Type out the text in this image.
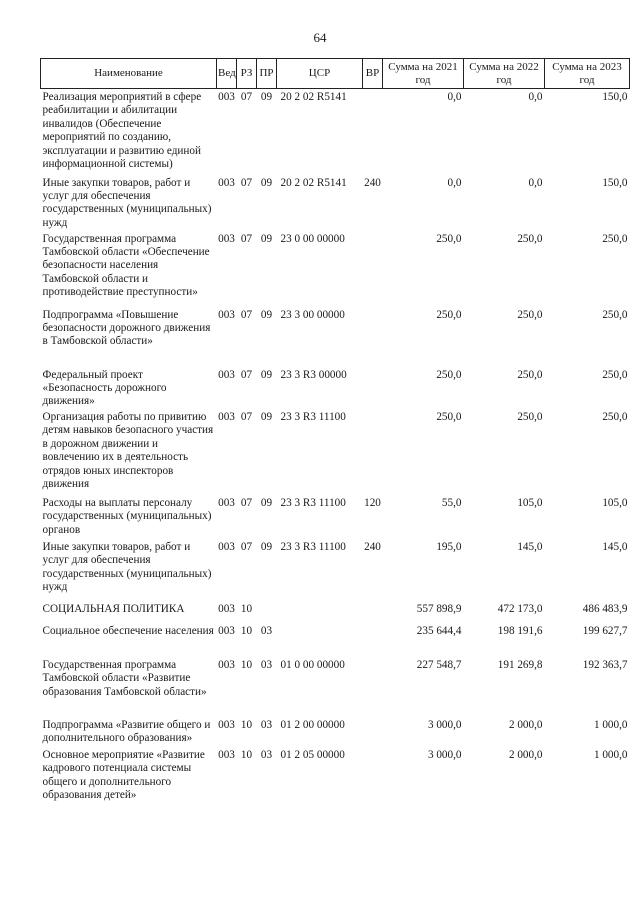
64
Наименование	Вед	РЗ	ПР	ЦСР	ВР	Сумма на 2021 год	Сумма на 2022 год	Сумма на 2023 год
Реализация мероприятий в сфере реабилитации и абилитации инвалидов (Обеспечение мероприятий по созданию, эксплуатации и развитию единой информационной системы)	003	07	09	20 2 02 R5141		0,0	0,0	150,0
Иные закупки товаров, работ и услуг для обеспечения государственных (муниципальных) нужд	003	07	09	20 2 02 R5141	240	0,0	0,0	150,0
Государственная программа Тамбовской области «Обеспечение безопасности населения Тамбовской области и противодействие преступности»	003	07	09	23 0 00 00000		250,0	250,0	250,0
Подпрограмма «Повышение безопасности дорожного движения в Тамбовской области»	003	07	09	23 3 00 00000		250,0	250,0	250,0
Федеральный проект «Безопасность дорожного движения»	003	07	09	23 3 R3 00000		250,0	250,0	250,0
Организация работы по привитию детям навыков безопасного участия в дорожном движении и вовлечению их в деятельность отрядов юных инспекторов движения	003	07	09	23 3 R3 11100		250,0	250,0	250,0
Расходы на выплаты персоналу государственных (муниципальных) органов	003	07	09	23 3 R3 11100	120	55,0	105,0	105,0
Иные закупки товаров, работ и услуг для обеспечения государственных (муниципальных) нужд	003	07	09	23 3 R3 11100	240	195,0	145,0	145,0
СОЦИАЛЬНАЯ ПОЛИТИКА	003	10				557 898,9	472 173,0	486 483,9
Социальное обеспечение населения	003	10	03			235 644,4	198 191,6	199 627,7
Государственная программа Тамбовской области «Развитие образования Тамбовской области»	003	10	03	01 0 00 00000		227 548,7	191 269,8	192 363,7
Подпрограмма «Развитие общего и дополнительного образования»	003	10	03	01 2 00 00000		3 000,0	2 000,0	1 000,0
Основное мероприятие «Развитие кадрового потенциала системы общего и дополнительного образования детей»	003	10	03	01 2 05 00000		3 000,0	2 000,0	1 000,0
